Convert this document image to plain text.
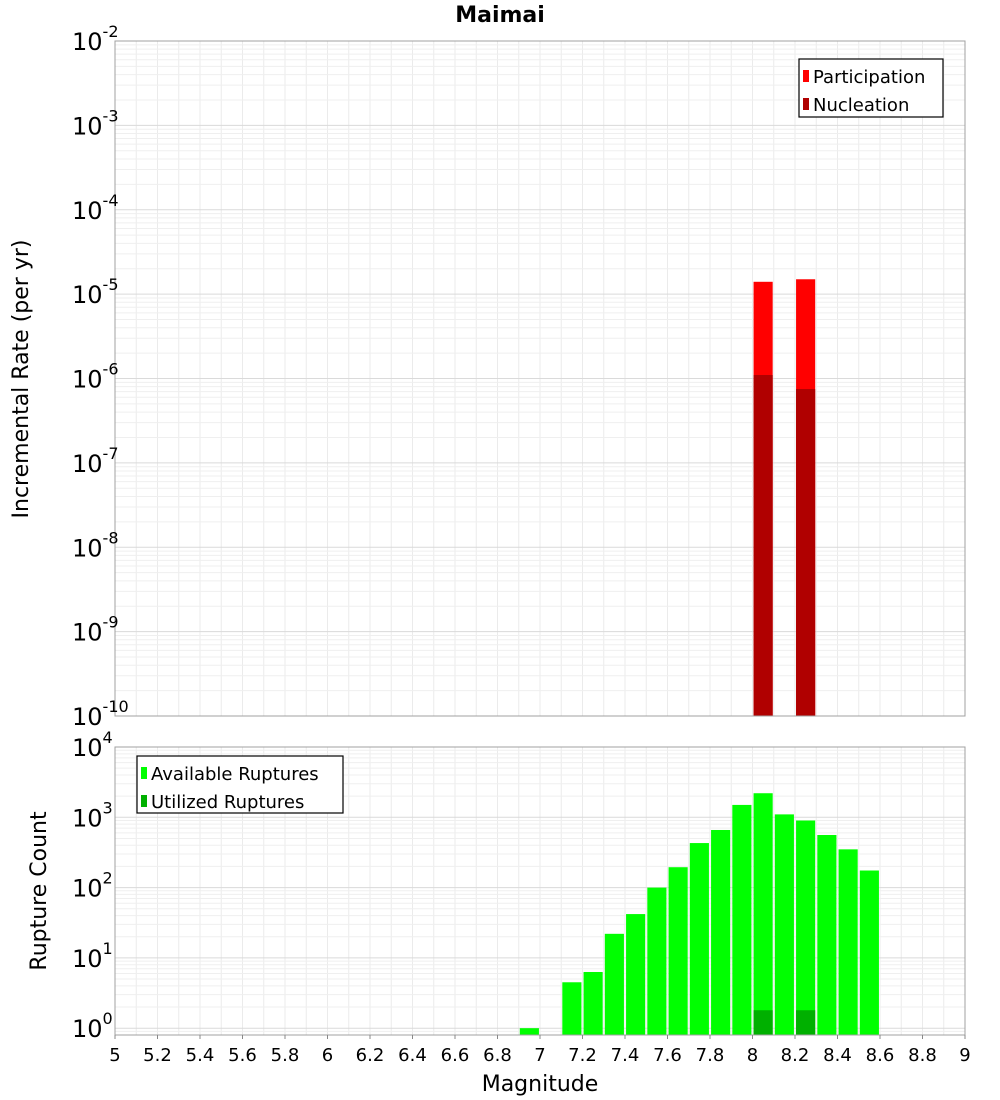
Maimai
$10^{-10}$
$10^{-9}$
$10^{-8}$
$10^{-7}$
$10^{-6}$
$10^{-5}$
$10^{-4}$
$10^{-3}$
$10^{-2}$
Incremental Rate (per yr)
Participation
Nucleation
$10^0$
$10^1$
$10^2$
$10^3$
$10^4$
5 5.2 5.4 5.6 5.8 6 6.2 6.4 6.6 6.8 7 7.2 7.4 7.6 7.8 8 8.2 8.4 8.6 8.8 9
Rupture Count
Magnitude
Available Ruptures
Utilized Ruptures
